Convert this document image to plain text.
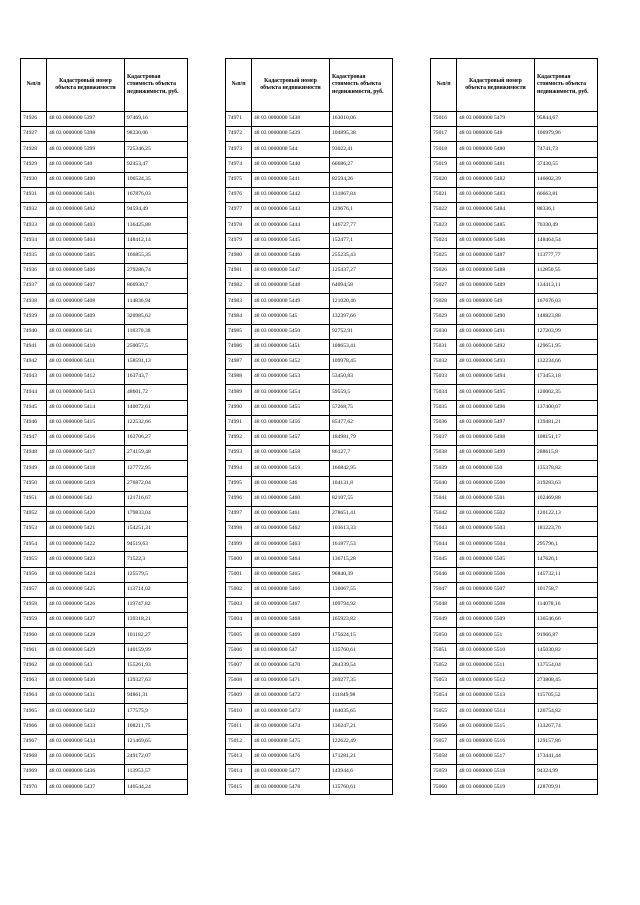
№п/п	Кадастровый номер объекта недвижимости	Кадастровая стоимость объекта недвижимости, руб.
74926	48 03 0000000 5397	97469,16
74927	48 03 0000000 5398	98330,06
74928	48 03 0000000 5399	725346,25
74929	48 03 0000000 540	92453,47
74930	48 03 0000000 5400	106524,35
74931	48 03 0000000 5401	167876,03
74932	48 03 0000000 5402	94594,49
74933	48 03 0000000 5403	136425,88
74934	48 03 0000000 5404	148412,14
74935	48 03 0000000 5405	166855,35
74936	48 03 0000000 5406	279286,74
74937	48 03 0000000 5407	866930,7
74938	48 03 0000000 5408	114836,94
74939	48 03 0000000 5409	320985,62
74940	48 03 0000000 541	118370,38
74941	48 03 0000000 5410	250057,5
74942	48 03 0000000 5411	158591,13
74943	48 03 0000000 5412	163743,7
74944	48 03 0000000 5413	48601,72
74945	48 03 0000000 5414	140072,61
74946	48 03 0000000 5415	122532,66
74947	48 03 0000000 5416	163706,27
74948	48 03 0000000 5417	274159,48
74949	48 03 0000000 5418	127772,95
74950	48 03 0000000 5419	276872,04
74951	48 03 0000000 542	121716,67
74952	48 03 0000000 5420	179833,04
74953	48 03 0000000 5421	154251,31
74954	48 03 0000000 5422	94519,63
74955	48 03 0000000 5423	71522,3
74956	48 03 0000000 5424	125579,5
74957	48 03 0000000 5425	113714,02
74958	48 03 0000000 5426	119747,82
74959	48 03 0000000 5427	139318,21
74960	48 03 0000000 5428	101182,27
74961	48 03 0000000 5429	140159,99
74962	48 03 0000000 543	155261,93
74963	48 03 0000000 5430	139327,63
74964	48 03 0000000 5431	94861,31
74965	48 03 0000000 5432	177575,9
74966	48 03 0000000 5433	108211,75
74967	48 03 0000000 5434	121469,65
74968	48 03 0000000 5435	249172,07
74969	48 03 0000000 5436	113953,57
74970	48 03 0000000 5437	140544,24
№п/п	Кадастровый номер объекта недвижимости	Кадастровая стоимость объекта недвижимости, руб.
74971	48 03 0000000 5438	163010,06
74972	48 03 0000000 5439	104895,38
74973	48 03 0000000 544	93022,41
74974	48 03 0000000 5440	66686,27
74975	48 03 0000000 5441	82594,26
74976	48 03 0000000 5442	131867,84
74977	48 03 0000000 5443	129676,1
74978	48 03 0000000 5444	146727,77
74979	48 03 0000000 5445	152477,1
74980	48 03 0000000 5446	255235,43
74981	48 03 0000000 5447	125437,27
74982	48 03 0000000 5448	64094,58
74983	48 03 0000000 5449	121020,46
74984	48 03 0000000 545	132397,66
74985	48 03 0000000 5450	92752,91
74986	48 03 0000000 5451	108653,41
74987	48 03 0000000 5452	109978,45
74988	48 03 0000000 5453	53450,83
74989	48 03 0000000 5454	59559,5
74990	48 03 0000000 5455	57268,75
74991	48 03 0000000 5456	85477,62
74992	48 03 0000000 5457	184981,79
74993	48 03 0000000 5458	86127,7
74994	48 03 0000000 5459	166842,95
74995	48 03 0000000 546	104131,8
74996	48 03 0000000 5460	82107,55
74997	48 03 0000000 5461	278651,41
74998	48 03 0000000 5462	103613,33
74999	48 03 0000000 5463	161877,53
75000	48 03 0000000 5464	136715,28
75001	48 03 0000000 5465	96840,39
75002	48 03 0000000 5466	136067,55
75003	48 03 0000000 5467	109794,92
75004	48 03 0000000 5468	165923,82
75005	48 03 0000000 5469	175624,15
75006	48 03 0000000 547	135760,61
75007	48 03 0000000 5470	284339,54
75008	48 03 0000000 5471	269277,35
75009	48 03 0000000 5472	111849,98
75010	48 03 0000000 5473	164035,65
75011	48 03 0000000 5474	136247,21
75012	48 03 0000000 5475	122622,49
75013	48 03 0000000 5476	171281,21
75014	48 03 0000000 5477	143944,6
75015	48 03 0000000 5478	135760,61
№п/п	Кадастровый номер объекта недвижимости	Кадастровая стоимость объекта недвижимости, руб.
75016	48 03 0000000 5479	95844,67
75017	48 03 0000000 548	106979,96
75018	48 03 0000000 5480	74741,73
75019	48 03 0000000 5481	37430,55
75020	48 03 0000000 5482	146602,39
75021	48 03 0000000 5483	66663,81
75022	48 03 0000000 5484	88336,1
75023	48 03 0000000 5485	70330,49
75024	48 03 0000000 5486	148464,54
75025	48 03 0000000 5487	113777,77
75026	48 03 0000000 5488	112850,55
75027	48 03 0000000 5489	134413,11
75028	48 03 0000000 549	167676,03
75029	48 03 0000000 5490	148823,88
75030	48 03 0000000 5491	127203,99
75031	48 03 0000000 5492	129651,95
75032	48 03 0000000 5493	132234,66
75033	48 03 0000000 5494	173453,18
75034	48 03 0000000 5495	120002,35
75035	48 03 0000000 5496	137400,07
75036	48 03 0000000 5497	139481,21
75037	48 03 0000000 5498	108151,17
75038	48 03 0000000 5499	288615,8
75039	48 03 0000000 550	135378,82
75040	48 03 0000000 5500	319283,63
75041	48 03 0000000 5501	102469,88
75042	48 03 0000000 5502	120122,13
75043	48 03 0000000 5503	181223,76
75044	48 03 0000000 5504	295796,1
75045	48 03 0000000 5505	147626,1
75046	48 03 0000000 5506	145732,11
75047	48 03 0000000 5507	101758,7
75048	48 03 0000000 5508	114078,16
75049	48 03 0000000 5509	136546,66
75050	48 03 0000000 551	91966,87
75051	48 03 0000000 5510	145030,82
75052	48 03 0000000 5511	137554,04
75053	48 03 0000000 5512	273808,45
75054	48 03 0000000 5513	115705,52
75055	48 03 0000000 5514	126754,82
75056	48 03 0000000 5515	133267,74
75057	48 03 0000000 5516	129157,86
75058	48 03 0000000 5517	173441,44
75059	48 03 0000000 5518	94324,99
75060	48 03 0000000 5519	128709,91
